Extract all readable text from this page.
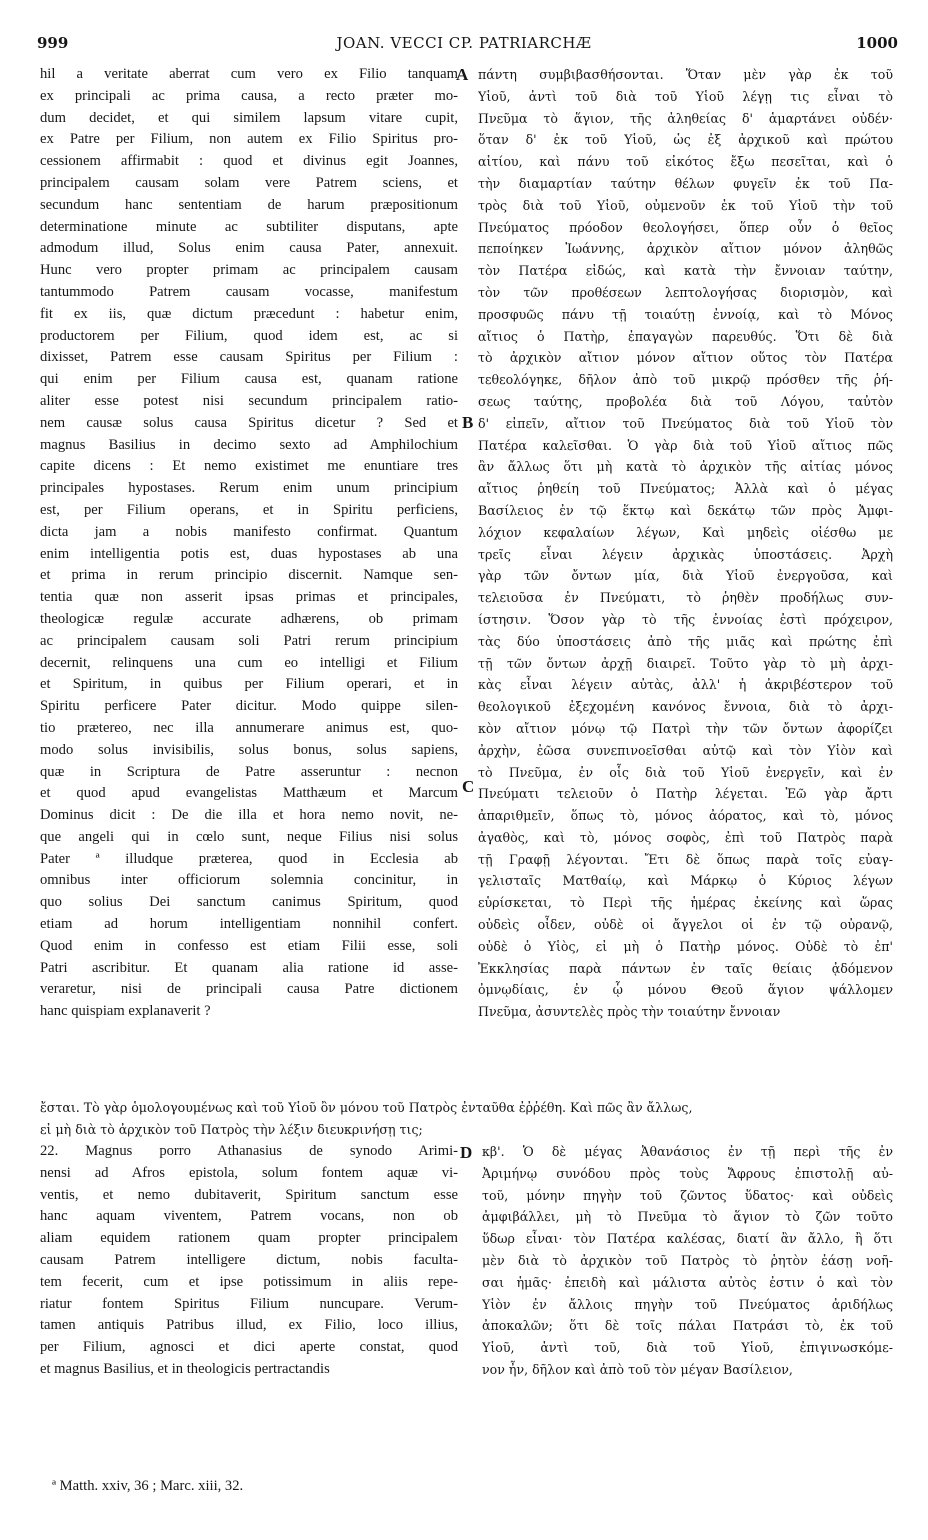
999	JOAN. VECCI CP. PATRIARCHÆ	1000
hil a veritate aberrat cum vero ex Filio tanquam
ex principali ac prima causa, a recto præter mo-
dum decidet, et qui similem lapsum vitare cupit,
ex Patre per Filium, non autem ex Filio Spiritus pro-
cessionem affirmabit : quod et divinus egit Joannes,
principalem causam solam vere Patrem sciens, et
secundum hanc sententiam de harum præpositionum
determinatione minute ac subtiliter disputans, apte
admodum illud, Solus enim causa Pater, annexuit.
Hunc vero propter primam ac principalem causam
tantummodo Patrem causam vocasse, manifestum
fit ex iis, quæ dictum præcedunt : habetur enim,
productorem per Filium, quod idem est, ac si
dixisset, Patrem esse causam Spiritus per Filium :
qui enim per Filium causa est, quanam ratione
aliter esse potest nisi secundum principalem ratio-
nem causæ solus causa Spiritus dicetur ? Sed et
magnus Basilius in decimo sexto ad Amphilochium
capite dicens : Et nemo existimet me enuntiare tres
principales hypostases. Rerum enim unum principium
est, per Filium operans, et in Spiritu perficiens,
dicta jam a nobis manifesto confirmat. Quantum
enim intelligentia potis est, duas hypostases ab una
et prima in rerum principio discernit. Namque sen-
tentia quæ non asserit ipsas primas et principales,
theologicæ regulæ accurate adhærens, ob primam
ac principalem causam soli Patri rerum principium
decernit, relinquens una cum eo intelligi et Filium
et Spiritum, in quibus per Filium operari, et in
Spiritu perficere Pater dicitur. Modo quippe silen-
tio prætereo, nec illa annumerare animus est, quo-
modo solus invisibilis, solus bonus, solus sapiens,
quæ in Scriptura de Patre asseruntur : necnon
et quod apud evangelistas Matthæum et Marcum
Dominus dicit : De die illa et hora nemo novit, ne-
que angeli qui in cœlo sunt, neque Filius nisi solus
Pater ª illudque præterea, quod in Ecclesia ab
omnibus inter officiorum solemnia concinitur, in
quo solius Dei sanctum canimus Spiritum, quod
etiam ad horum intelligentiam nonnihil confert.
Quod enim in confesso est etiam Filii esse, soli
Patri ascribitur. Et quanam alia ratione id asse-
veraretur, nisi de principali causa Patre dictionem
hanc quispiam explanaverit ?
πάντη συμβιβασθήσονται. Ὅταν μὲν γὰρ ἐκ τοῦ
Υἱοῦ, ἀντὶ τοῦ διὰ τοῦ Υἱοῦ λέγῃ τις εἶναι τὸ
Πνεῦμα τὸ ἅγιον, τῆς ἀληθείας δ' ἁμαρτάνει οὐδέν·
ὅταν δ' ἐκ τοῦ Υἱοῦ, ὡς ἐξ ἀρχικοῦ καὶ πρώτου
αἰτίου, καὶ πάνυ τοῦ εἰκότος ἔξω πεσεῖται, καὶ ὁ
τὴν διαμαρτίαν ταύτην θέλων φυγεῖν ἐκ τοῦ Πα-
τρὸς διὰ τοῦ Υἱοῦ, οὐμενοῦν ἐκ τοῦ Υἱοῦ τὴν τοῦ
Πνεύματος πρόοδον θεολογήσει, ὅπερ οὖν ὁ θεῖος
πεποίηκεν Ἰωάννης, ἀρχικὸν αἴτιον μόνον ἀληθῶς
τὸν Πατέρα εἰδώς, καὶ κατὰ τὴν ἔννοιαν ταύτην,
τὸν τῶν προθέσεων λεπτολογήσας διορισμὸν, καὶ
προσφυῶς πάνυ τῇ τοιαύτῃ ἐννοίᾳ, καὶ τὸ Μόνος
αἴτιος ὁ Πατὴρ, ἐπαγαγὼν παρευθύς. Ὅτι δὲ διὰ
τὸ ἀρχικὸν αἴτιον μόνον αἴτιον οὕτος τὸν Πατέρα
τεθεολόγηκε, δῆλον ἀπὸ τοῦ μικρῷ πρόσθεν τῆς ῥή-
σεως ταύτης, προβολέα διὰ τοῦ Λόγου, ταὐτὸν
δ' εἰπεῖν, αἴτιον τοῦ Πνεύματος διὰ τοῦ Υἱοῦ τὸν
Πατέρα καλεῖσθαι. Ὁ γὰρ διὰ τοῦ Υἱοῦ αἴτιος πῶς
ἂν ἄλλως ὅτι μὴ κατὰ τὸ ἀρχικὸν τῆς αἰτίας μόνος
αἴτιος ῥηθείη τοῦ Πνεύματος; Ἀλλὰ καὶ ὁ μέγας
Βασίλειος ἐν τῷ ἕκτῳ καὶ δεκάτῳ τῶν πρὸς Ἀμφι-
λόχιον κεφαλαίων λέγων, Καὶ μηδεὶς οἰέσθω με
τρεῖς εἶναι λέγειν ἀρχικὰς ὑποστάσεις. Ἀρχὴ
γὰρ τῶν ὄντων μία, διὰ Υἱοῦ ἐνεργοῦσα, καὶ
τελειοῦσα ἐν Πνεύματι, τὸ ῥηθὲν προδήλως συν-
ίστησιν. Ὅσον γὰρ τὸ τῆς ἐννοίας ἐστὶ πρόχειρον,
τὰς δύο ὑποστάσεις ἀπὸ τῆς μιᾶς καὶ πρώτης ἐπὶ
τῇ τῶν ὄντων ἀρχῇ διαιρεῖ. Τοῦτο γὰρ τὸ μὴ ἀρχι-
κὰς εἶναι λέγειν αὐτὰς, ἀλλ' ἡ ἀκριβέστερον τοῦ
θεολογικοῦ ἐξεχομένη κανόνος ἔννοια, διὰ τὸ ἀρχι-
κὸν αἴτιον μόνῳ τῷ Πατρὶ τὴν τῶν ὄντων ἀφορίζει
ἀρχὴν, ἐῶσα συνεπινοεῖσθαι αὐτῷ καὶ τὸν Υἱὸν καὶ
τὸ Πνεῦμα, ἐν οἷς διὰ τοῦ Υἱοῦ ἐνεργεῖν, καὶ ἐν
Πνεύματι τελειοῦν ὁ Πατὴρ λέγεται. Ἐῶ γὰρ ἄρτι
ἀπαριθμεῖν, ὅπως τὸ, μόνος ἀόρατος, καὶ τὸ, μόνος
ἀγαθὸς, καὶ τὸ, μόνος σοφὸς, ἐπὶ τοῦ Πατρὸς παρὰ
τῇ Γραφῇ λέγονται. Ἔτι δὲ ὅπως παρὰ τοῖς εὐαγ-
γελισταῖς Ματθαίῳ, καὶ Μάρκῳ ὁ Κύριος λέγων
εὑρίσκεται, τὸ Περὶ τῆς ἡμέρας ἐκείνης καὶ ὥρας
οὐδεὶς οἶδεν, οὐδὲ οἱ ἄγγελοι οἱ ἐν τῷ οὐρανῷ,
οὐδὲ ὁ Υἱὸς, εἰ μὴ ὁ Πατὴρ μόνος. Οὐδὲ τὸ ἐπ'
Ἐκκλησίας παρὰ πάντων ἐν ταῖς θείαις ᾀδόμενον
ὀμνῳδίαις, ἐν ᾧ μόνου Θεοῦ ἅγιον ψάλλομεν
Πνεῦμα, ἀσυντελὲς πρὸς τὴν τοιαύτην ἔννοιαν
A
B
C
D
ἔσται. Τὸ γὰρ ὁμολογουμένως καὶ τοῦ Υἱοῦ ὂν μόνου τοῦ Πατρὸς ἐνταῦθα ἐῤῥέθη. Καὶ πῶς ἂν ἄλλως,
εἰ μὴ διὰ τὸ ἀρχικὸν τοῦ Πατρὸς τὴν λέξιν διευκρινήσῃ τις;
22. Magnus porro Athanasius de synodo Arimi-
nensi ad Afros epistola, solum fontem aquæ vi-
ventis, et nemo dubitaverit, Spiritum sanctum esse
hanc aquam viventem, Patrem vocans, non ob
aliam equidem rationem quam propter principalem
causam Patrem intelligere dictum, nobis faculta-
tem fecerit, cum et ipse potissimum in aliis repe-
riatur fontem Spiritus Filium nuncupare. Verum-
tamen antiquis Patribus illud, ex Filio, loco illius,
per Filium, agnosci et dici aperte constat, quod
et magnus Basilius, et in theologicis pertractandis
κβ'. Ὁ δὲ μέγας Ἀθανάσιος ἐν τῇ περὶ τῆς ἐν
Ἀριμήνῳ συνόδου πρὸς τοὺς Ἄφρους ἐπιστολῇ αὐ-
τοῦ, μόνην πηγὴν τοῦ ζῶντος ὕδατος· καὶ οὐδεὶς
ἀμφιβάλλει, μὴ τὸ Πνεῦμα τὸ ἅγιον τὸ ζῶν τοῦτο
ὕδωρ εἶναι· τὸν Πατέρα καλέσας, διατί ἂν ἄλλο, ἢ ὅτι
μὲν διὰ τὸ ἀρχικὸν τοῦ Πατρὸς τὸ ῥητὸν ἐάσῃ νοῆ-
σαι ἡμᾶς· ἐπειδὴ καὶ μάλιστα αὐτὸς ἐστιν ὁ καὶ τὸν
Υἱὸν ἐν ἄλλοις πηγὴν τοῦ Πνεύματος ἀριδήλως
ἀποκαλῶν; ὅτι δὲ τοῖς πάλαι Πατράσι τὸ, ἐκ τοῦ
Υἱοῦ, ἀντὶ τοῦ, διὰ τοῦ Υἱοῦ, ἐπιγινωσκόμε-
νον ἦν, δῆλον καὶ ἀπὸ τοῦ τὸν μέγαν Βασίλειον,
ª Matth. xxiv, 36 ; Marc. xiii, 32.
